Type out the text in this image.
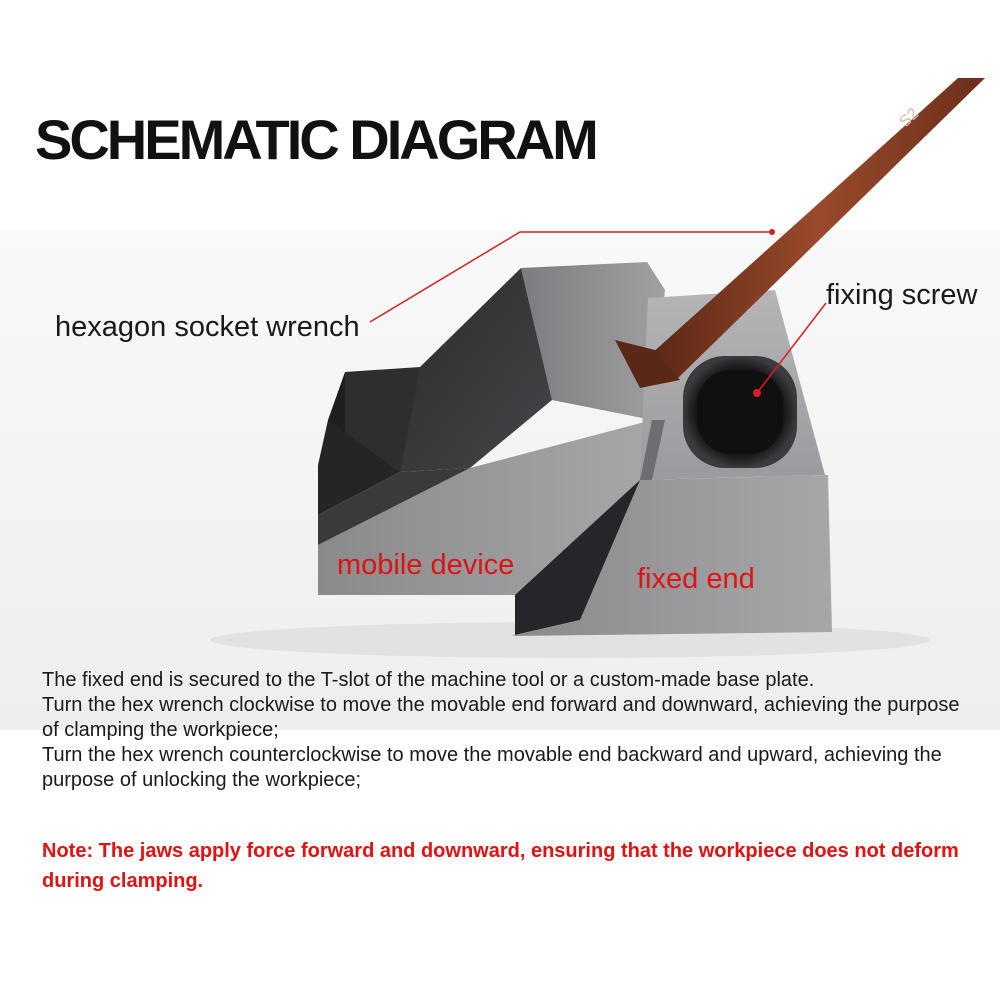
S2
SCHEMATIC DIAGRAM
hexagon socket wrench
fixing screw
mobile device	fixed end

The fixed end is secured to the T-slot of the machine tool or a custom-made base plate.

Turn the hex wrench clockwise to move the movable end forward and downward, achieving the purpose of clamping the workpiece;

Turn the hex wrench counterclockwise to move the movable end backward and upward, achieving the purpose of unlocking the workpiece;

Note: The jaws apply force forward and downward, ensuring that the workpiece does not deform during clamping.
